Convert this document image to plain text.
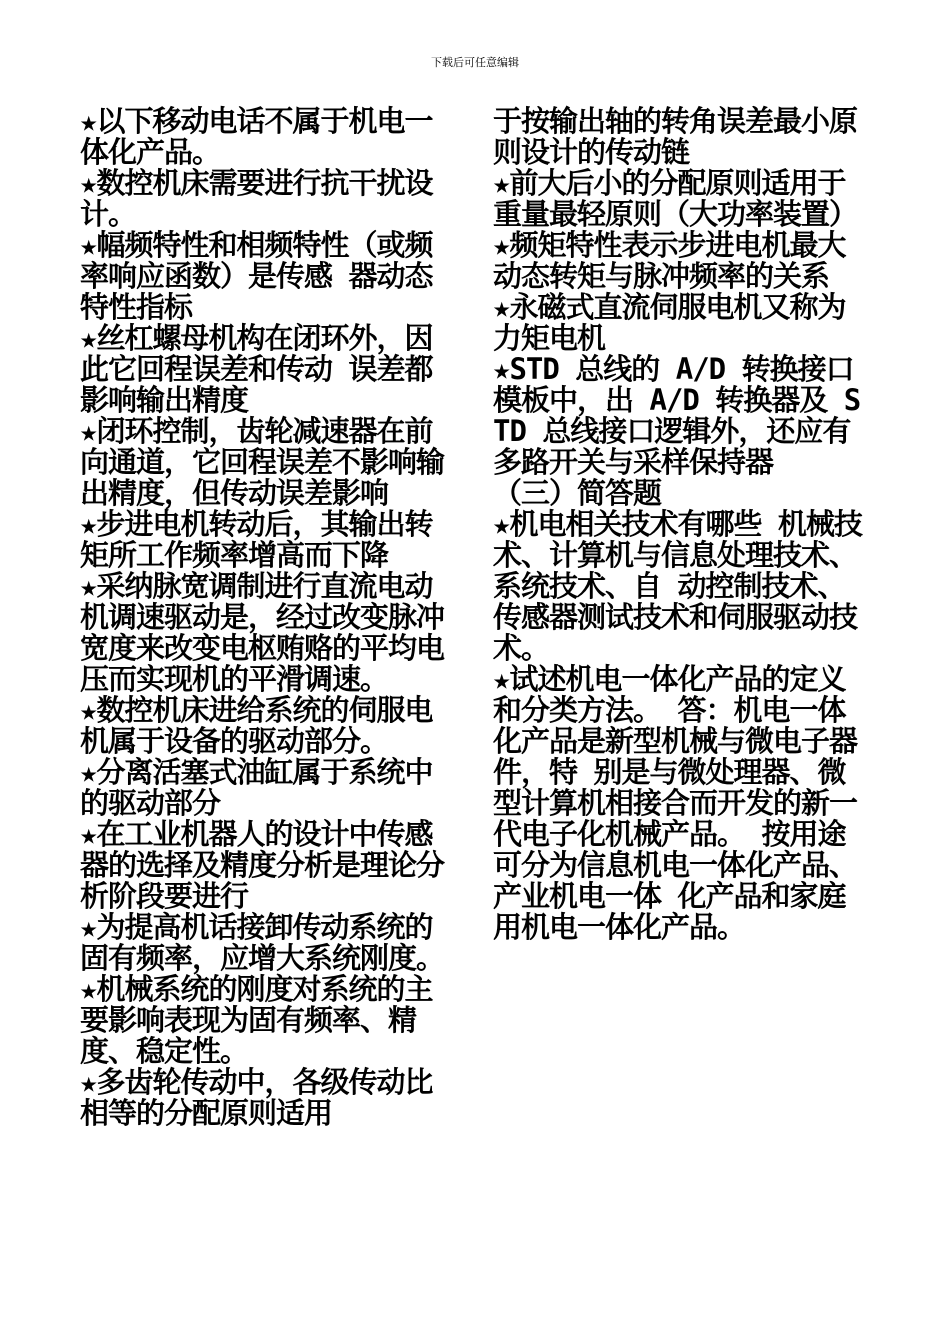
下载后可任意编辑

★以下移动电话不属于机电一体化产品。

★数控机床需要进行抗干扰设计。

★幅频特性和相频特性（或频率响应函数）是传感 器动态特性指标

★丝杠螺母机构在闭环外，因此它回程误差和传动 误差都影响输出精度

★闭环控制，齿轮减速器在前向通道，它回程误差不影响输出精度，但传动误差影响

★步进电机转动后，其输出转矩所工作频率增高而下降

★采纳脉宽调制进行直流电动机调速驱动是，经过改变脉冲宽度来改变电枢贿赂的平均电压而实现机的平滑调速。

★数控机床进给系统的伺服电机属于设备的驱动部分。

★分离活塞式油缸属于系统中的驱动部分

★在工业机器人的设计中传感器的选择及精度分析是理论分析阶段要进行

★为提高机话接卸传动系统的固有频率，应增大系统刚度。

★机械系统的刚度对系统的主要影响表现为固有频率、精度、稳定性。

★多齿轮传动中，各级传动比相等的分配原则适用

于按输出轴的转角误差最小原则设计的传动链

★前大后小的分配原则适用于重量最轻原则（大功率装置）

★频矩特性表示步进电机最大动态转矩与脉冲频率的关系

★永磁式直流伺服电机又称为力矩电机

★STD 总线的 A/D 转换接口模板中，出 A/D 转换器及 STD 总线接口逻辑外，还应有多路开关与采样保持器

（三）简答题

★机电相关技术有哪些 机械技术、计算机与信息处理技术、系统技术、自 动控制技术、传感器测试技术和伺服驱动技术。

★试述机电一体化产品的定义和分类方法。 答：机电一体化产品是新型机械与微电子器件，特 别是与微处理器、微型计算机相接合而开发的新一 代电子化机械产品。 按用途可分为信息机电一体化产品、产业机电一体 化产品和家庭用机电一体化产品。
